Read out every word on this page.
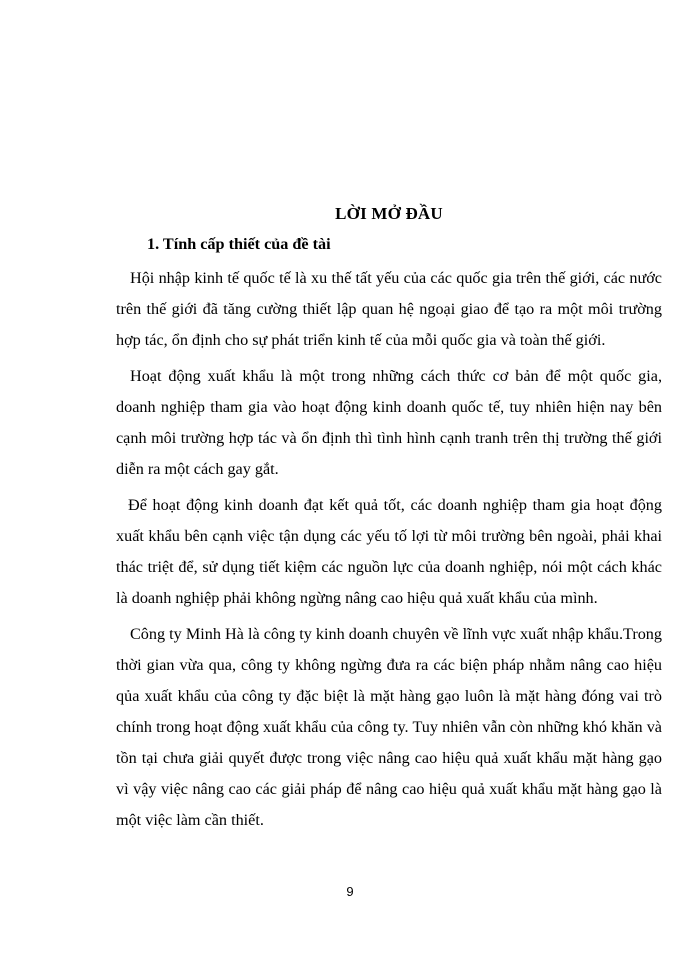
LỜI MỞ ĐẦU
1. Tính cấp thiết của đề tài

Hội nhập kinh tế quốc tế là xu thế tất yếu của các quốc gia trên thế giới, các nước trên thế giới đã tăng cường thiết lập quan hệ ngoại giao để tạo ra một môi trường hợp tác, ổn định cho sự phát triển kinh tế của mỗi quốc gia và toàn thế giới.

Hoạt động xuất khẩu là một trong những cách thức cơ bản để một quốc gia, doanh nghiệp tham gia vào hoạt động kinh doanh quốc tế, tuy nhiên hiện nay bên cạnh môi trường hợp tác và ổn định thì tình hình cạnh tranh trên thị trường thế giới diễn ra một cách gay gắt.

Để hoạt động kinh doanh đạt kết quả tốt, các doanh nghiệp tham gia hoạt động xuất khẩu bên cạnh việc tận dụng các yếu tố lợi từ môi trường bên ngoài, phải khai thác triệt để, sử dụng tiết kiệm các nguồn lực của doanh nghiệp, nói một cách khác là doanh nghiệp phải không ngừng nâng cao hiệu quả xuất khẩu của mình.

Công ty Minh Hà là công ty kinh doanh chuyên về lĩnh vực xuất nhập khẩu.Trong thời gian vừa qua, công ty không ngừng đưa ra các biện pháp nhằm nâng cao hiệu qủa xuất khẩu của công ty đặc biệt là mặt hàng gạo luôn là mặt hàng đóng vai trò chính trong hoạt động xuất khẩu của công ty. Tuy nhiên vẫn còn những khó khăn và tồn tại chưa giải quyết được trong việc nâng cao hiệu quả xuất khẩu mặt hàng gạo vì vậy việc nâng cao các giải pháp để nâng cao hiệu quả xuất khẩu mặt hàng gạo là một việc làm cần thiết.

9
